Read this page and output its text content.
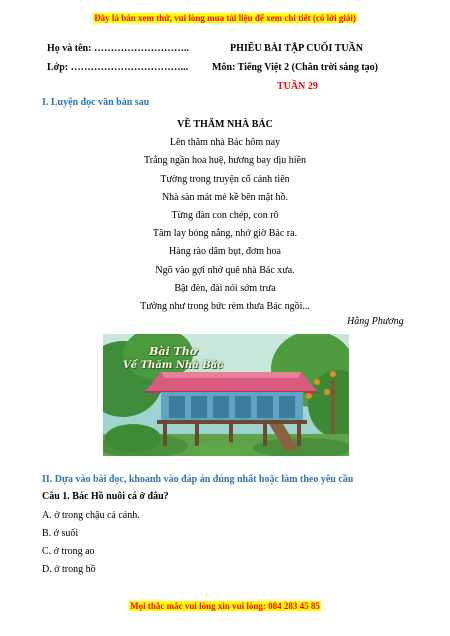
Đây là bản xem thử, vui lòng mua tài liệu để xem chi tiết (có lời giải)
Họ và tên: ………………………..
Lớp: ……………………………...
PHIẾU BÀI TẬP CUỐI TUẦN
Môn: Tiếng Việt 2 (Chân trời sáng tạo)
TUẦN 29
I. Luyện đọc văn bản sau
VỀ THĂM NHÀ BÁC
Lên thăm nhà Bác hôm nay
Trắng ngần hoa huệ, hương bay dịu hiền
Tường trong truyện cổ cảnh tiên
Nhà sàn mát mẻ kề bên mặt hồ.
Từng đàn con chép, con rô
Tăm lay bóng nắng, nhớ giờ Bác ra.
Hàng rào dâm bụt, đơm hoa
Ngõ vào gợi nhớ quê nhà Bác xưa.
Bật đèn, đài nói sớm trưa
Tưởng như trong bức rèm thưa Bác ngồi...
Hằng Phương
Bài Thơ
Về Thăm Nhà Bác
II. Dựa vào bài đọc, khoanh vào đáp án đúng nhất hoặc làm theo yêu cầu
Câu 1. Bác Hồ nuôi cá ở đâu?
A. ở trong chậu cá cảnh.
B. ở suối
C. ở trong ao
D. ở trong hồ
Mọi thắc mắc vui lòng xin vui lòng: 084 283 45 85
